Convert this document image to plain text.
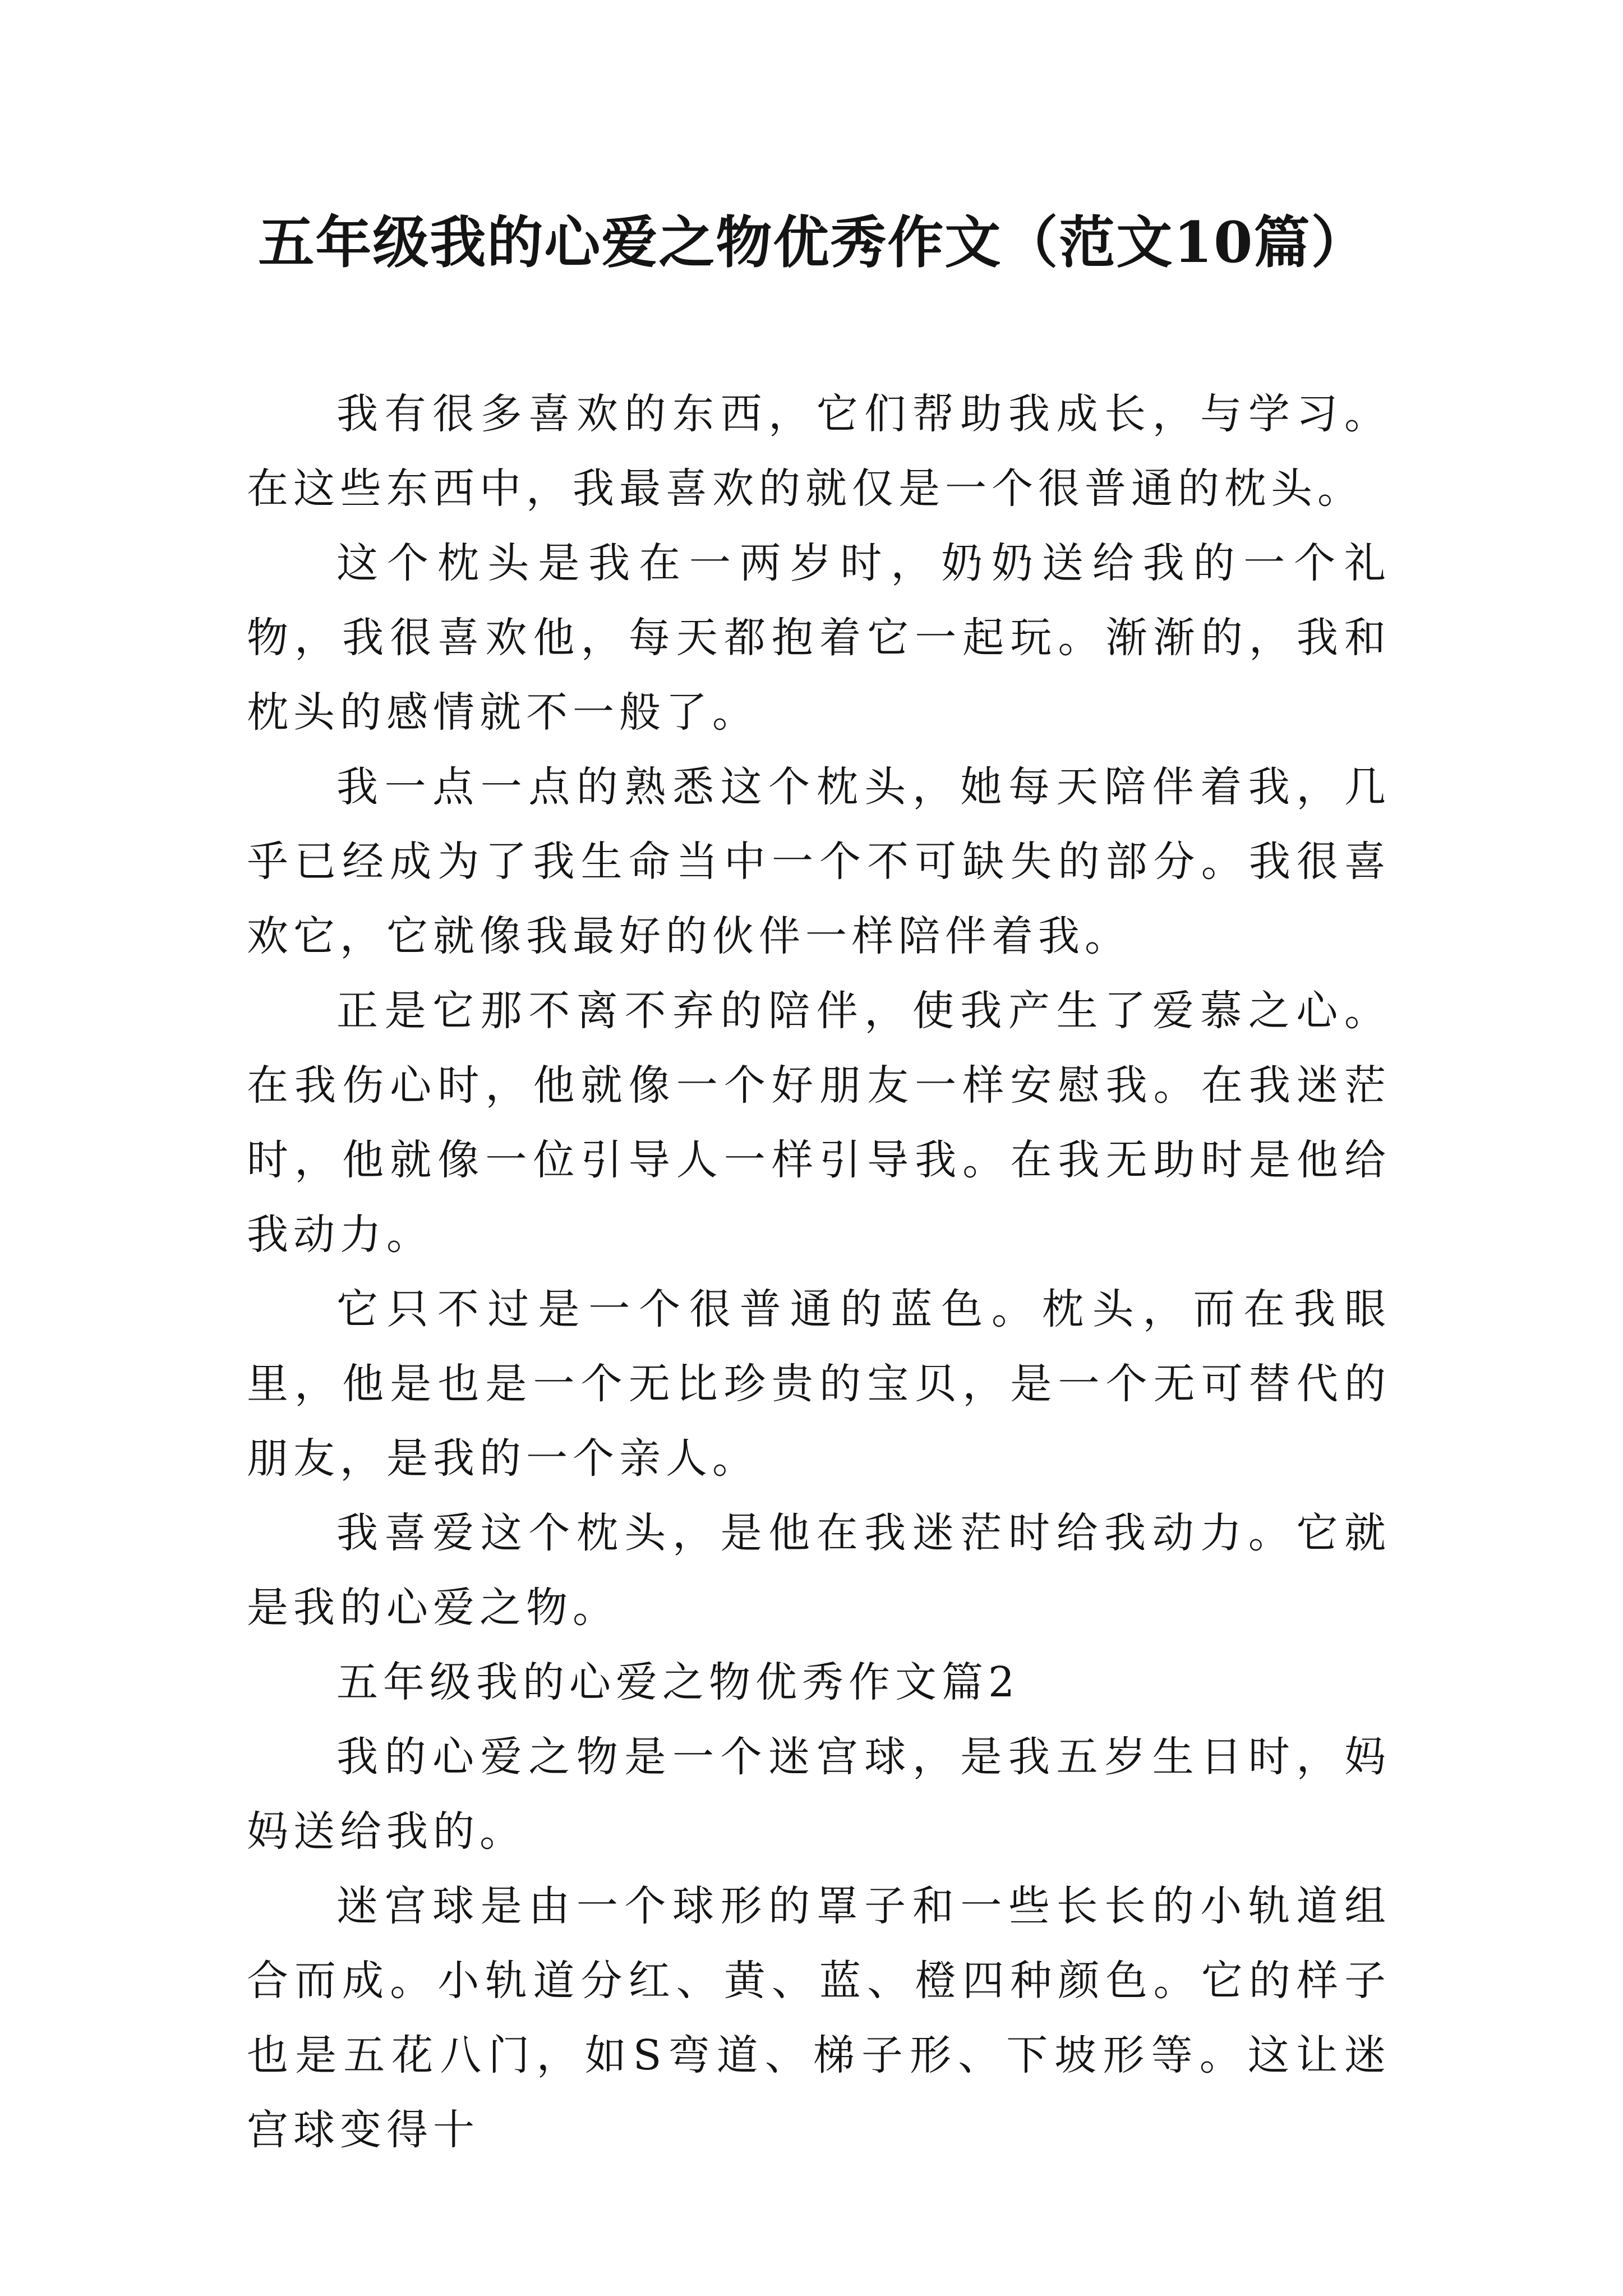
五年级我的心爱之物优秀作文（范文10篇）

我有很多喜欢的东西，它们帮助我成长，与学习。在这些东西中，我最喜欢的就仅是一个很普通的枕头。

这个枕头是我在一两岁时，奶奶送给我的一个礼物，我很喜欢他，每天都抱着它一起玩。渐渐的，我和枕头的感情就不一般了。

我一点一点的熟悉这个枕头，她每天陪伴着我，几乎已经成为了我生命当中一个不可缺失的部分。我很喜欢它，它就像我最好的伙伴一样陪伴着我。

正是它那不离不弃的陪伴，使我产生了爱慕之心。在我伤心时，他就像一个好朋友一样安慰我。在我迷茫时，他就像一位引导人一样引导我。在我无助时是他给我动力。

它只不过是一个很普通的蓝色。枕头，而在我眼里，他是也是一个无比珍贵的宝贝，是一个无可替代的朋友，是我的一个亲人。

我喜爱这个枕头，是他在我迷茫时给我动力。它就是我的心爱之物。

五年级我的心爱之物优秀作文篇2

我的心爱之物是一个迷宫球，是我五岁生日时，妈妈送给我的。

迷宫球是由一个球形的罩子和一些长长的小轨道组合而成。小轨道分红、黄、蓝、橙四种颜色。它的样子也是五花八门，如S弯道、梯子形、下坡形等。这让迷宫球变得十
